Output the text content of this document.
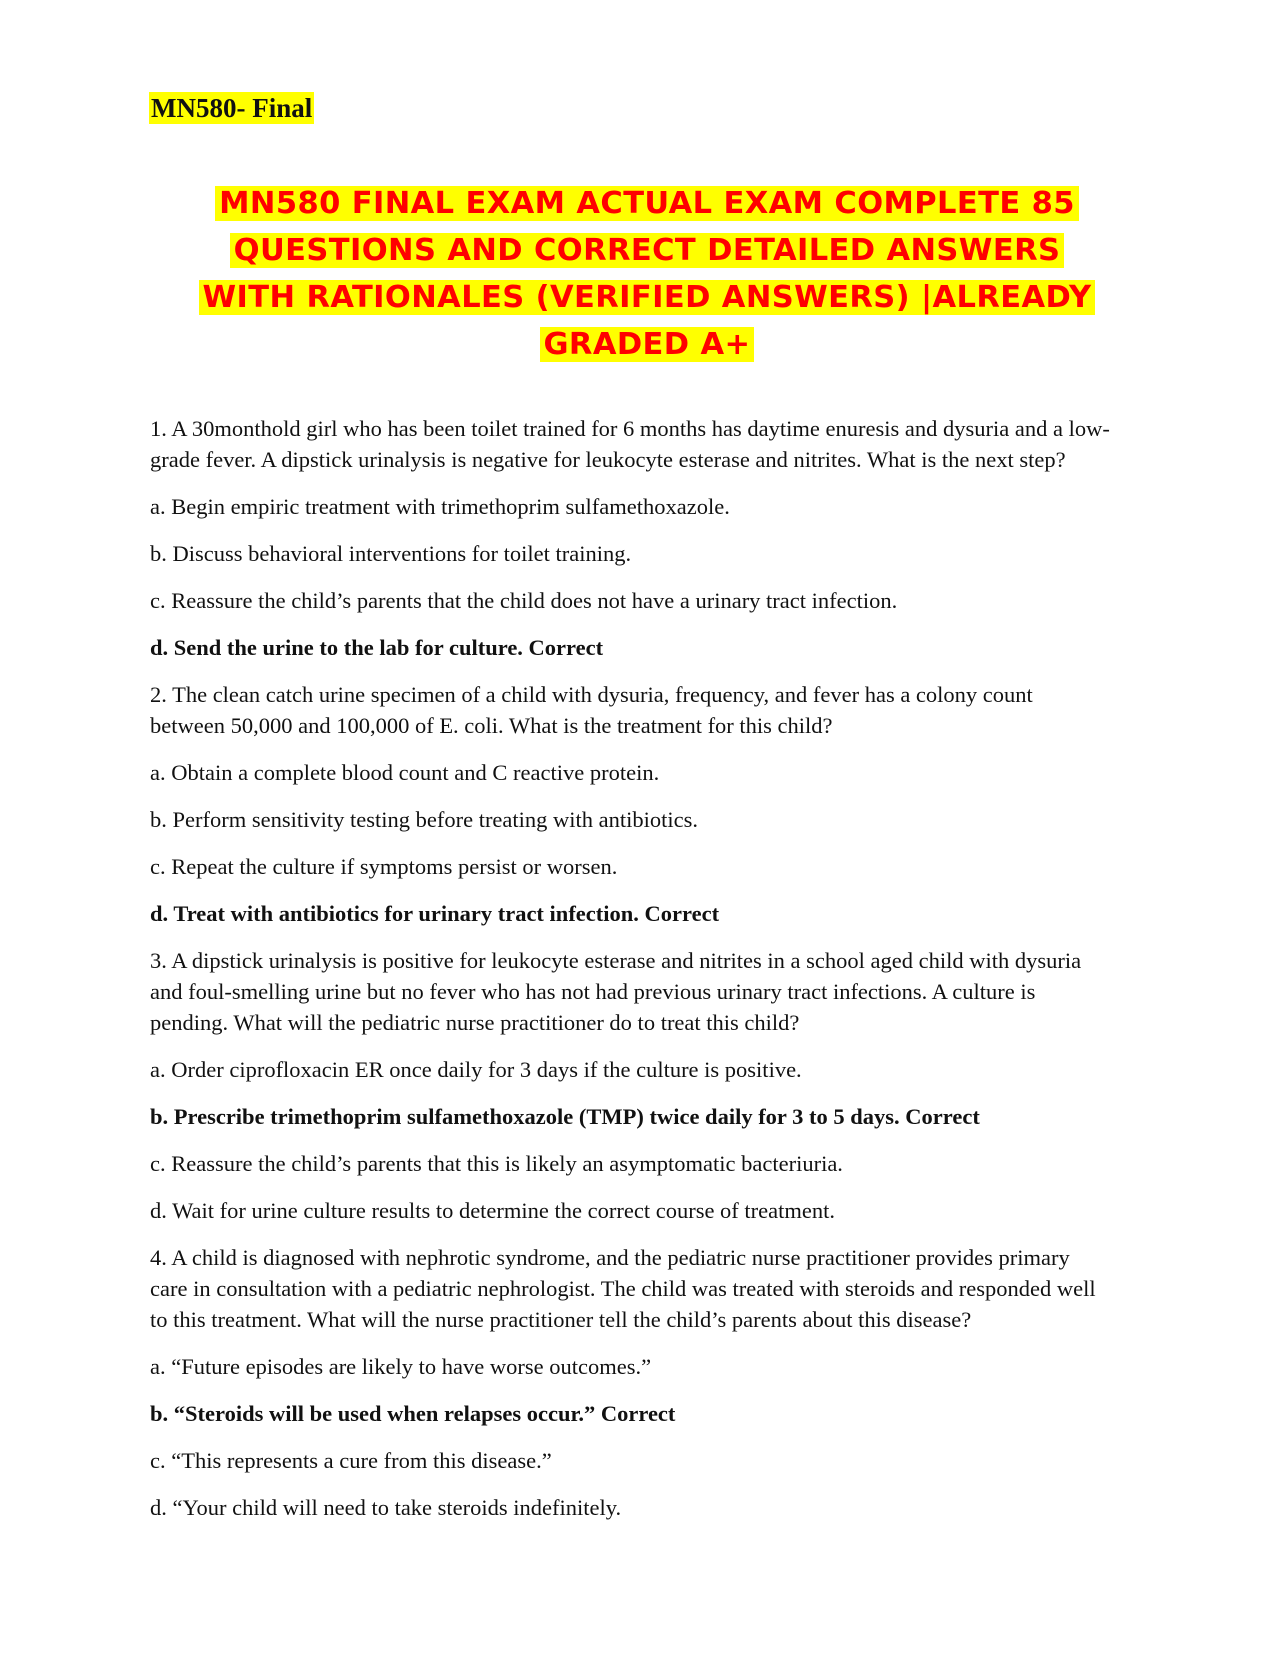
MN580- Final
MN580 FINAL EXAM ACTUAL EXAM COMPLETE 85
QUESTIONS AND CORRECT DETAILED ANSWERS
WITH RATIONALES (VERIFIED ANSWERS) |ALREADY
GRADED A+

1. A 30monthold girl who has been toilet trained for 6 months has daytime enuresis and dysuria and a low-grade fever. A dipstick urinalysis is negative for leukocyte esterase and nitrites. What is the next step?

a. Begin empiric treatment with trimethoprim sulfamethoxazole.

b. Discuss behavioral interventions for toilet training.

c. Reassure the child’s parents that the child does not have a urinary tract infection.

d. Send the urine to the lab for culture. Correct

2. The clean catch urine specimen of a child with dysuria, frequency, and fever has a colony count between 50,000 and 100,000 of E. coli. What is the treatment for this child?

a. Obtain a complete blood count and C reactive protein.

b. Perform sensitivity testing before treating with antibiotics.

c. Repeat the culture if symptoms persist or worsen.

d. Treat with antibiotics for urinary tract infection. Correct

3. A dipstick urinalysis is positive for leukocyte esterase and nitrites in a school aged child with dysuria and foul-smelling urine but no fever who has not had previous urinary tract infections. A culture is pending. What will the pediatric nurse practitioner do to treat this child?

a. Order ciprofloxacin ER once daily for 3 days if the culture is positive.

b. Prescribe trimethoprim sulfamethoxazole (TMP) twice daily for 3 to 5 days. Correct

c. Reassure the child’s parents that this is likely an asymptomatic bacteriuria.

d. Wait for urine culture results to determine the correct course of treatment.

4. A child is diagnosed with nephrotic syndrome, and the pediatric nurse practitioner provides primary care in consultation with a pediatric nephrologist. The child was treated with steroids and responded well to this treatment. What will the nurse practitioner tell the child’s parents about this disease?

a. “Future episodes are likely to have worse outcomes.”

b. “Steroids will be used when relapses occur.” Correct

c. “This represents a cure from this disease.”

d. “Your child will need to take steroids indefinitely.
